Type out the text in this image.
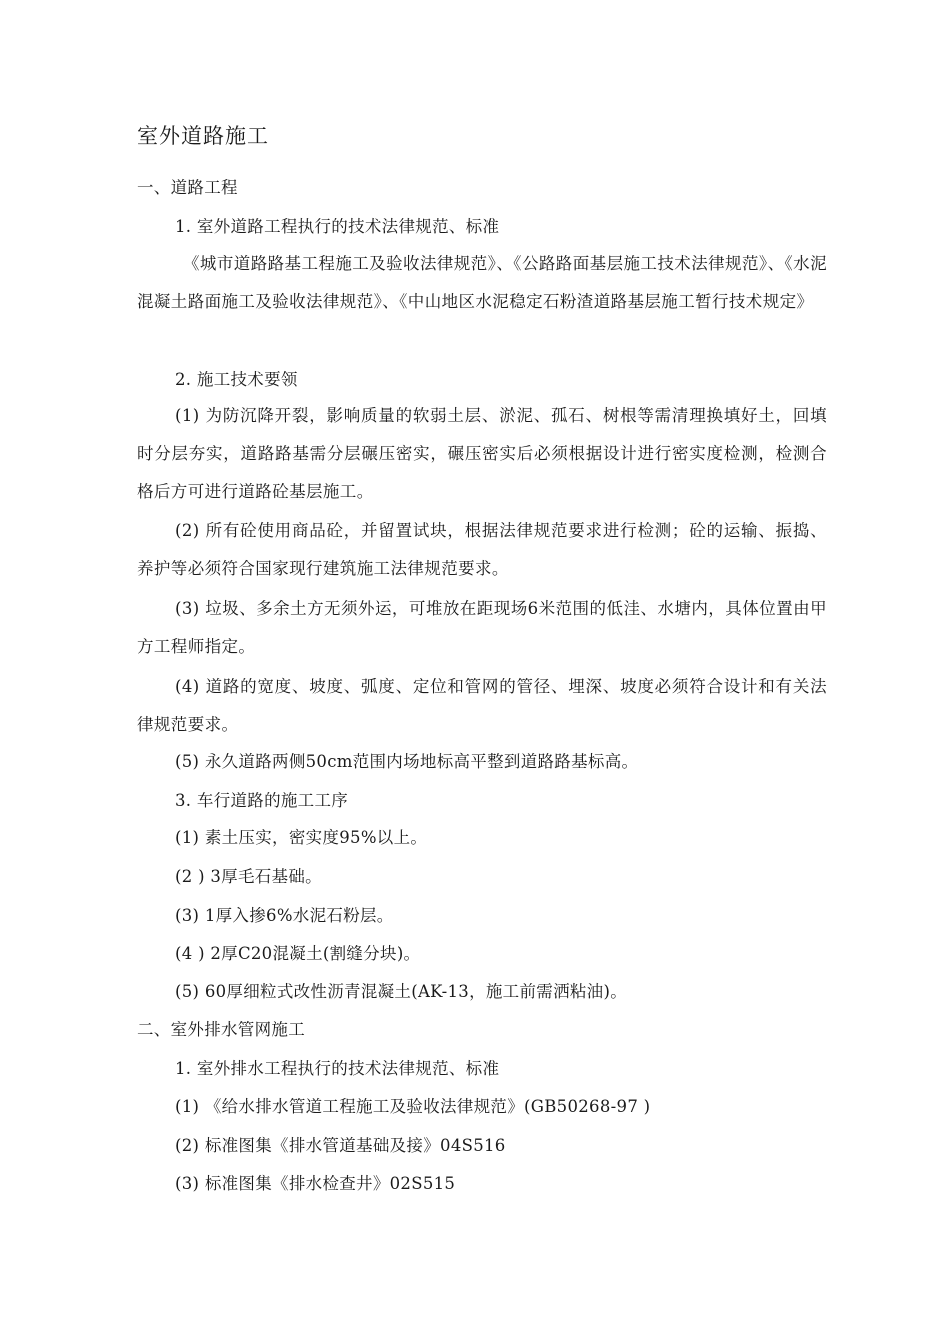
室外道路施工
一、道路工程
1. 室外道路工程执行的技术法律规范、标准
《城市道路路基工程施工及验收法律规范》、《公路路面基层施工技术法律规范》、《水泥混凝土路面施工及验收法律规范》、《中山地区水泥稳定石粉渣道路基层施工暂行技术规定》
2. 施工技术要领
(1) 为防沉降开裂，影响质量的软弱土层、淤泥、孤石、树根等需清理换填好土，回填时分层夯实，道路路基需分层碾压密实，碾压密实后必须根据设计进行密实度检测，检测合格后方可进行道路砼基层施工。
(2) 所有砼使用商品砼，并留置试块，根据法律规范要求进行检测；砼的运输、振捣、养护等必须符合国家现行建筑施工法律规范要求。
(3) 垃圾、多余土方无须外运，可堆放在距现场6米范围的低洼、水塘内，具体位置由甲方工程师指定。
(4) 道路的宽度、坡度、弧度、定位和管网的管径、埋深、坡度必须符合设计和有关法律规范要求。
(5) 永久道路两侧50cm范围内场地标高平整到道路路基标高。
3. 车行道路的施工工序
(1) 素土压实，密实度95%以上。
(2 ) 3厚毛石基础。
(3) 1厚入掺6%水泥石粉层。
(4 ) 2厚C20混凝土(割缝分块)。
(5) 60厚细粒式改性沥青混凝土(AK-13，施工前需洒粘油)。
二、室外排水管网施工
1. 室外排水工程执行的技术法律规范、标准
(1) 《给水排水管道工程施工及验收法律规范》(GB50268-97 )
(2) 标准图集《排水管道基础及接》04S516
(3) 标准图集《排水检查井》02S515
